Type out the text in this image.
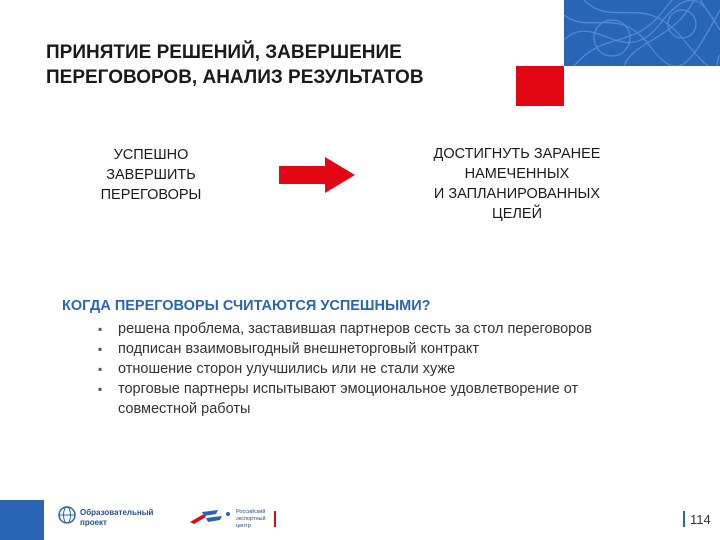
ПРИНЯТИЕ РЕШЕНИЙ, ЗАВЕРШЕНИЕ
ПЕРЕГОВОРОВ, АНАЛИЗ РЕЗУЛЬТАТОВ
УСПЕШНО
ЗАВЕРШИТЬ
ПЕРЕГОВОРЫ
ДОСТИГНУТЬ ЗАРАНЕЕ
НАМЕЧЕННЫХ
И ЗАПЛАНИРОВАННЫХ
ЦЕЛЕЙ
КОГДА ПЕРЕГОВОРЫ СЧИТАЮТСЯ УСПЕШНЫМИ?
▪ решена проблема, заставившая партнеров сесть за стол переговоров
▪ подписан взаимовыгодный внешнеторговый контракт
▪ отношение сторон улучшились или не стали хуже
▪ торговые партнеры испытывают эмоциональное удовлетворение от совместной работы
Образовательный проект
Российский экспортный центр	114
